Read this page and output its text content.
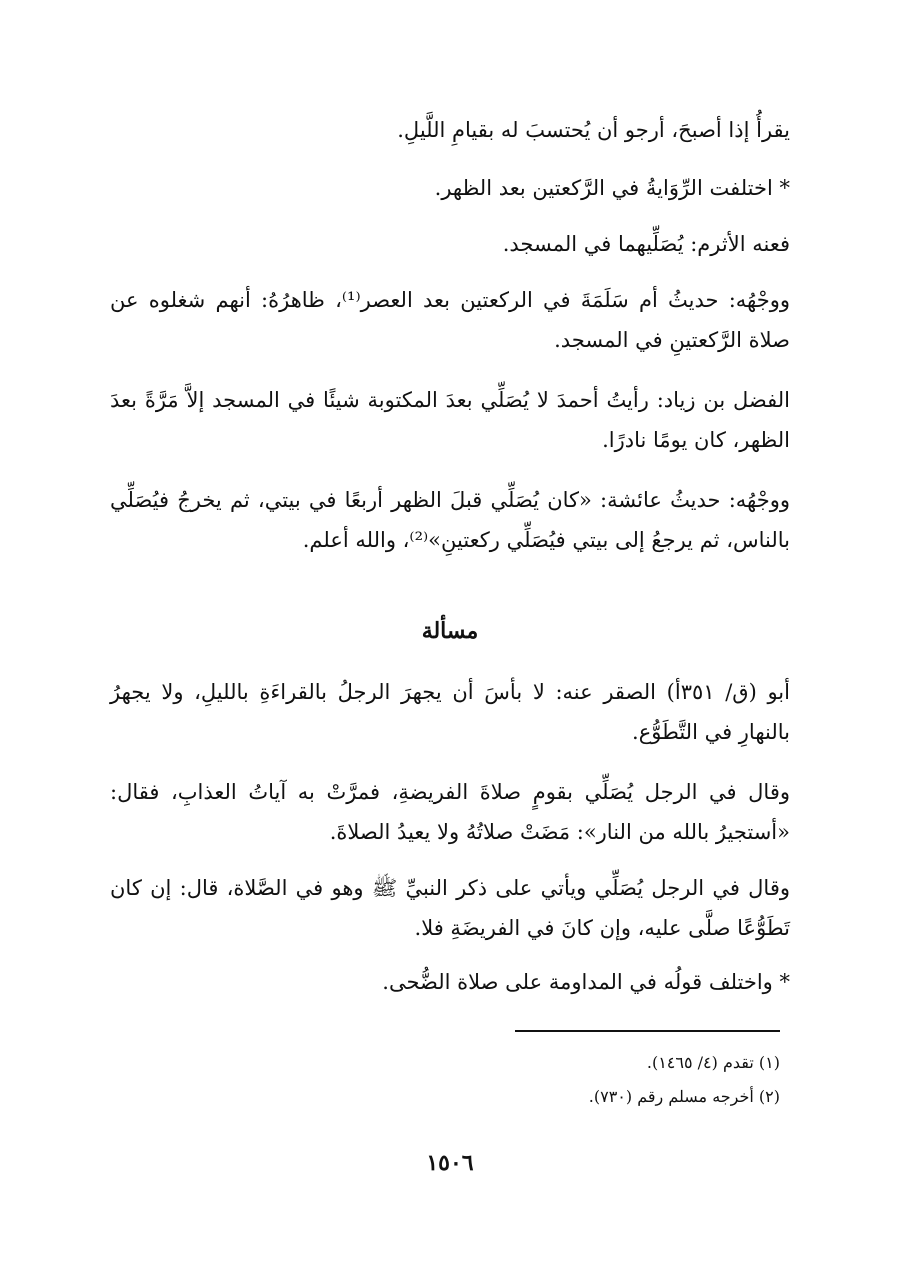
يقرأُ إذا أصبحَ، أرجو أن يُحتسبَ له بقيامِ اللَّيلِ.

* اختلفت الرِّوَايةُ في الرَّكعتين بعد الظهر.

فعنه الأثرم: يُصَلِّيهما في المسجد.

ووجْهُه: حديثُ أم سَلَمَةَ في الركعتين بعد العصر⁽¹⁾، ظاهرُهُ: أنهم شغلوه عن صلاة الرَّكعتينِ في المسجد.

الفضل بن زياد: رأيتُ أحمدَ لا يُصَلِّي بعدَ المكتوبة شيئًا في المسجد إلاَّ مَرَّةً بعدَ الظهر، كان يومًا نادرًا.

ووجْهُه: حديثُ عائشة: «كان يُصَلِّي قبلَ الظهر أربعًا في بيتي، ثم يخرجُ فيُصَلِّي بالناس، ثم يرجعُ إلى بيتي فيُصَلِّي ركعتينِ»⁽²⁾، والله أعلم.

مسألة

أبو (ق/ ٣٥١أ) الصقر عنه: لا بأسَ أن يجهرَ الرجلُ بالقراءَةِ بالليلِ، ولا يجهرُ بالنهارِ في التَّطَوُّع.

وقال في الرجل يُصَلِّي بقومٍ صلاةَ الفريضةِ، فمرَّتْ به آياتُ العذابِ، فقال: «أستجيرُ بالله من النار»: مَضَتْ صلاتُهُ ولا يعيدُ الصلاةَ.

وقال في الرجل يُصَلِّي ويأتي على ذكر النبيِّ ﷺ وهو في الصَّلاة، قال: إن كان تَطَوُّعًا صلَّى عليه، وإن كانَ في الفريضَةِ فلا.

* واختلف قولُه في المداومة على صلاة الضُّحى.

(١) تقدم (٤/ ١٤٦٥).
(٢) أخرجه مسلم رقم (٧٣٠).
١٥٠٦
